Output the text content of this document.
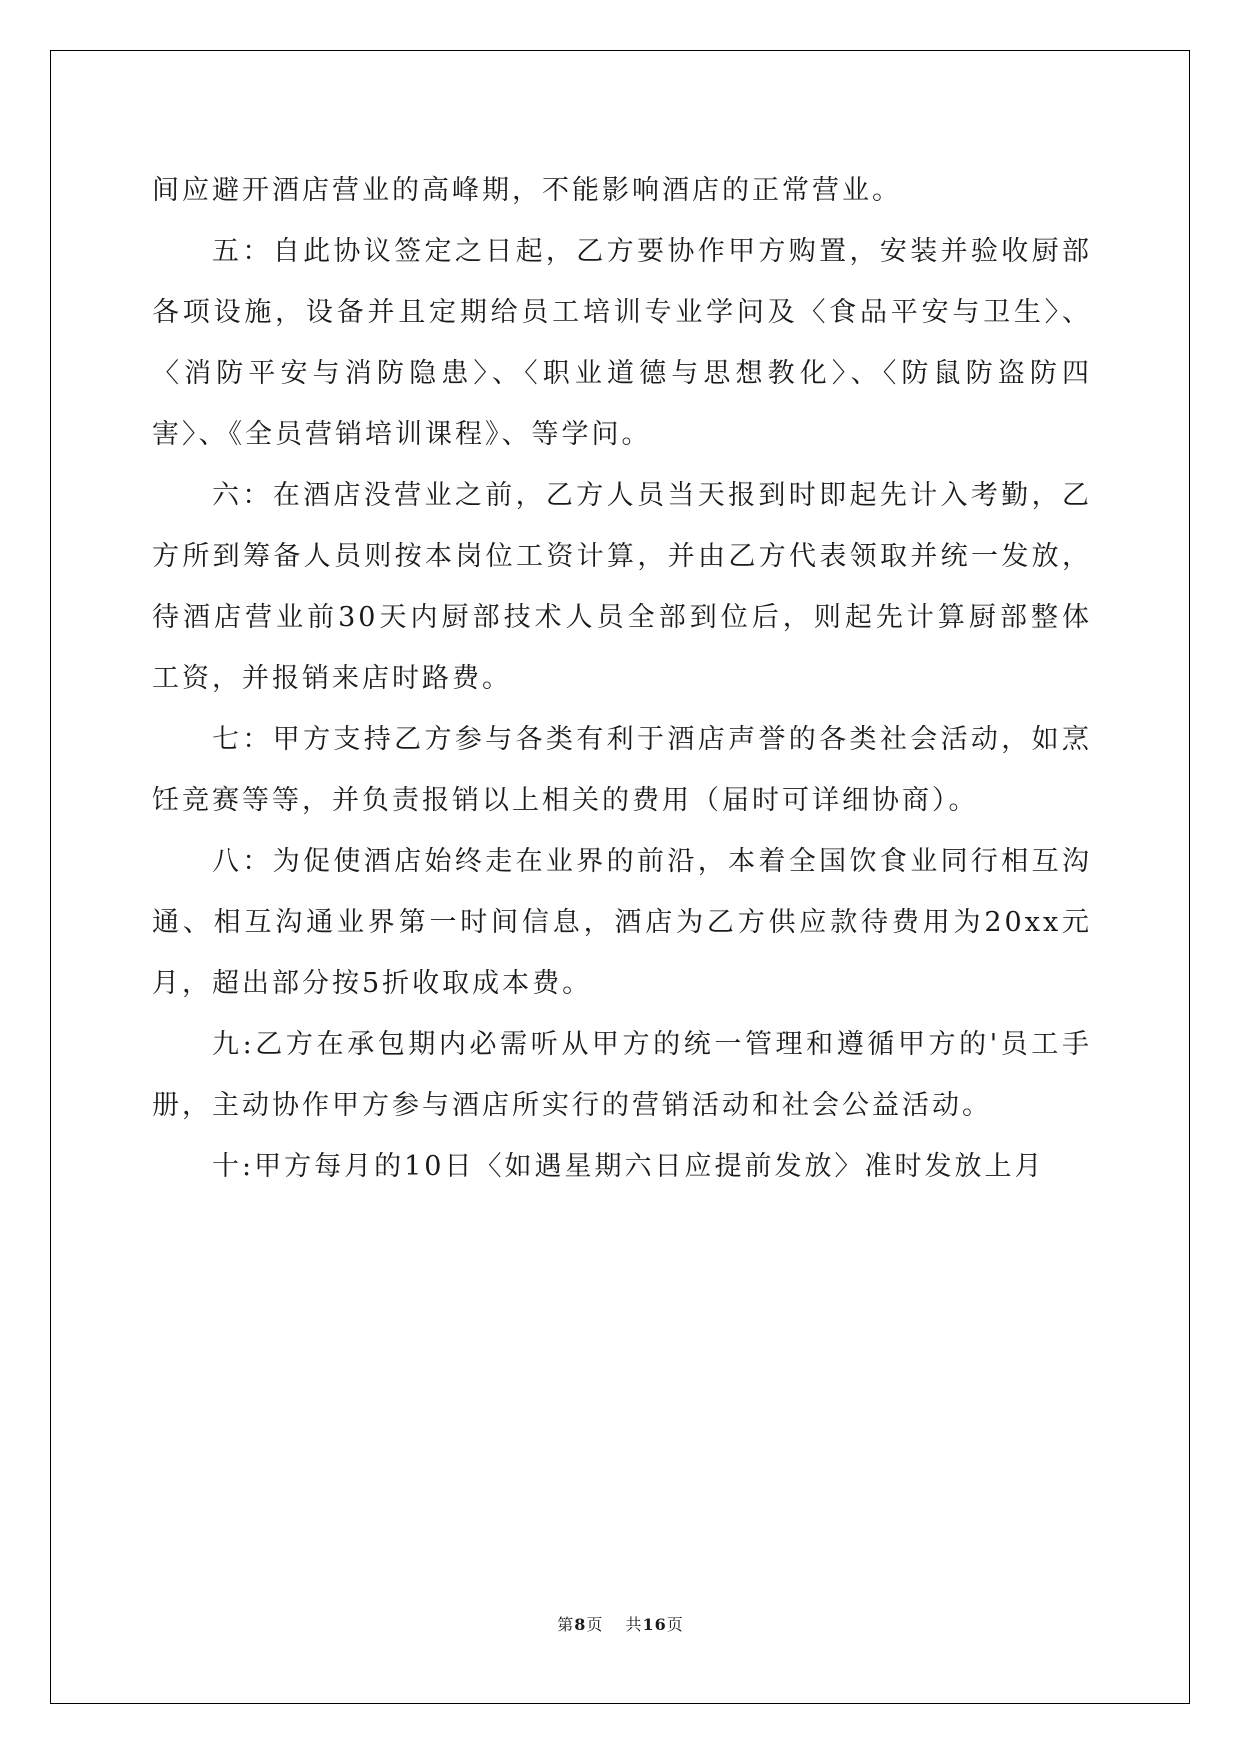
间应避开酒店营业的高峰期，不能影响酒店的正常营业。

五：自此协议签定之日起，乙方要协作甲方购置，安装并验收厨部各项设施，设备并且定期给员工培训专业学问及〈食品平安与卫生〉、〈消防平安与消防隐患〉、〈职业道德与思想教化〉、〈防鼠防盗防四害〉、《全员营销培训课程》、等学问。

六：在酒店没营业之前，乙方人员当天报到时即起先计入考勤，乙方所到筹备人员则按本岗位工资计算，并由乙方代表领取并统一发放，待酒店营业前30天内厨部技术人员全部到位后，则起先计算厨部整体工资，并报销来店时路费。

七：甲方支持乙方参与各类有利于酒店声誉的各类社会活动，如烹饪竞赛等等，并负责报销以上相关的费用（届时可详细协商）。

八：为促使酒店始终走在业界的前沿，本着全国饮食业同行相互沟通、相互沟通业界第一时间信息，酒店为乙方供应款待费用为20xx元月，超出部分按5折收取成本费。

九:乙方在承包期内必需听从甲方的统一管理和遵循甲方的'员工手册，主动协作甲方参与酒店所实行的营销活动和社会公益活动。

十:甲方每月的10日〈如遇星期六日应提前发放〉准时发放上月

第8页 共16页
